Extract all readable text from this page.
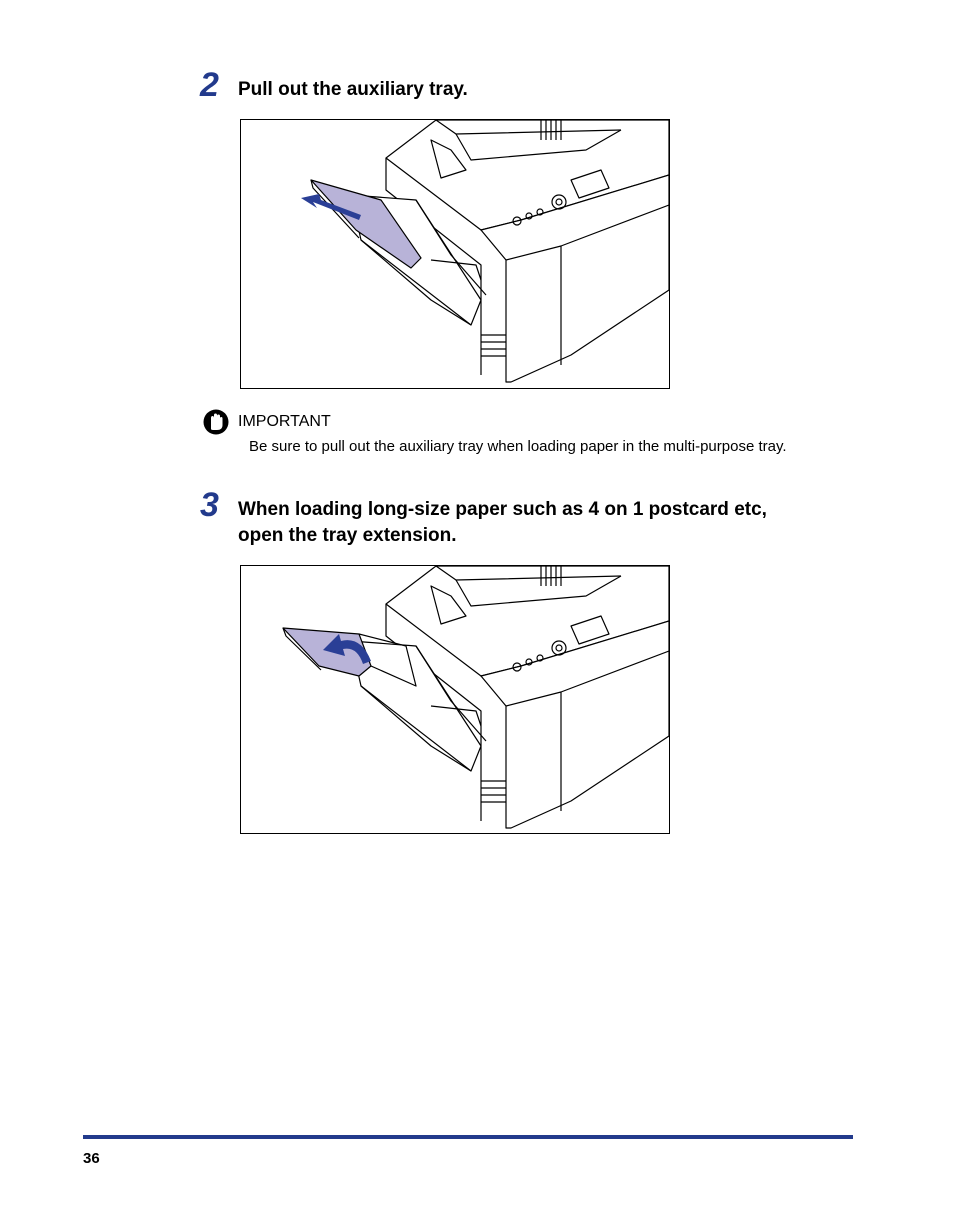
2 Pull out the auxiliary tray.
IMPORTANT
Be sure to pull out the auxiliary tray when loading paper in the multi-purpose tray.
3 When loading long-size paper such as 4 on 1 postcard etc,
open the tray extension.
36
